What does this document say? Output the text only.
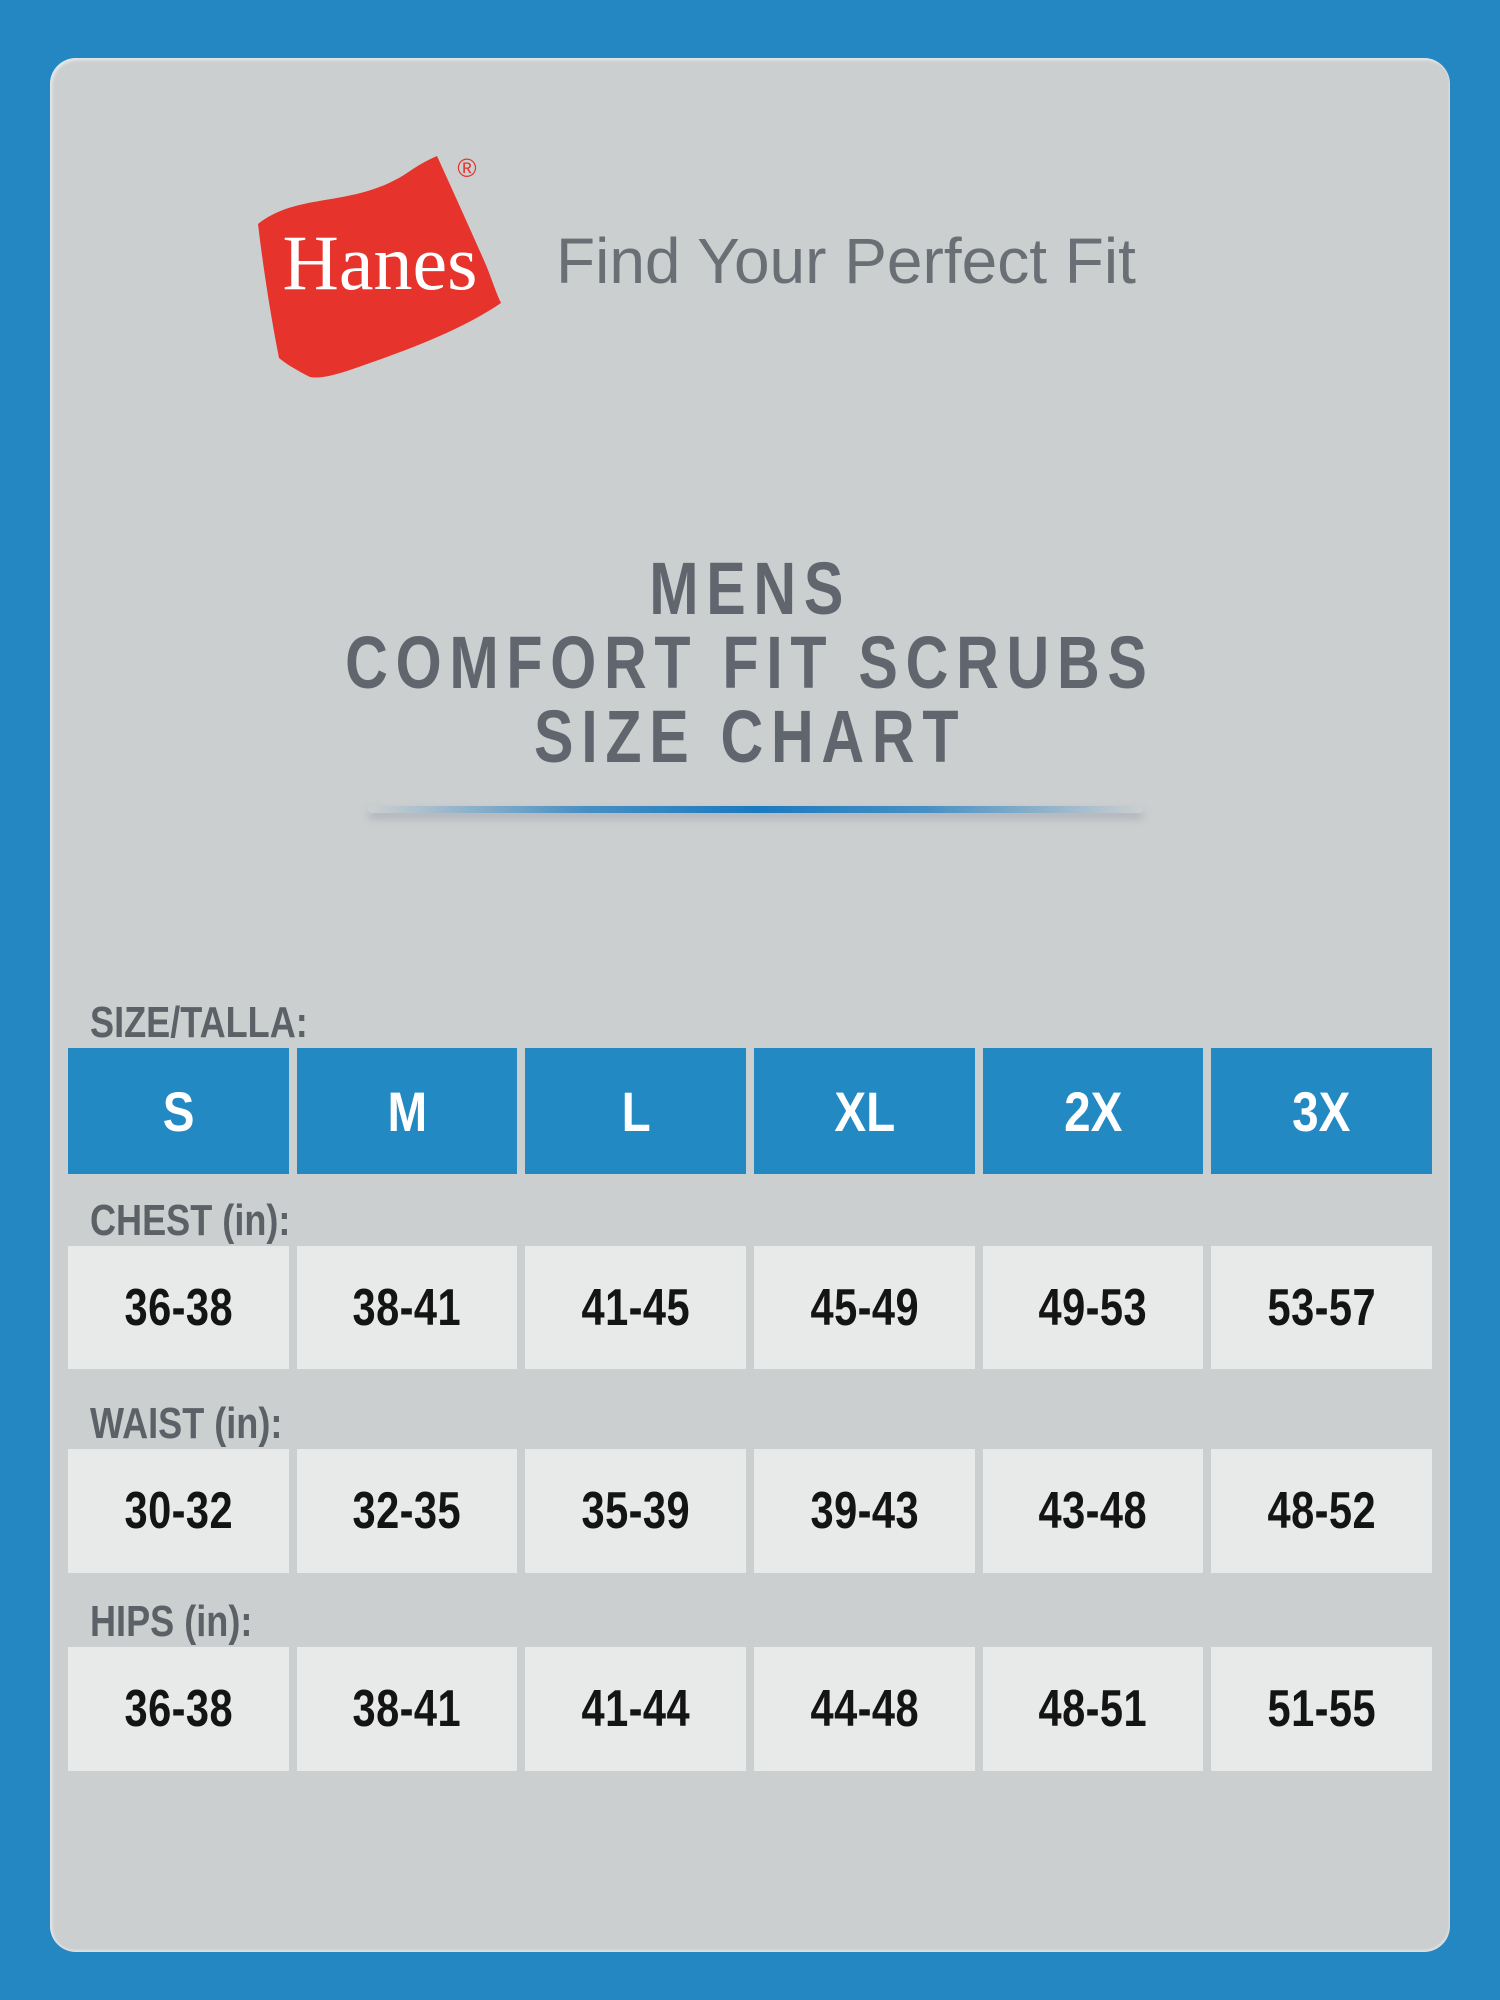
Hanes
®
Find Your Perfect Fit
MENS
COMFORT FIT SCRUBS
SIZE CHART
SIZE/TALLA:
S	M	L	XL	2X	3X
CHEST (in):
36-38 38-41 41-45 45-49 49-53 53-57
WAIST (in):
30-32 32-35 35-39 39-43 43-48 48-52
HIPS (in):
36-38 38-41 41-44 44-48 48-51 51-55
